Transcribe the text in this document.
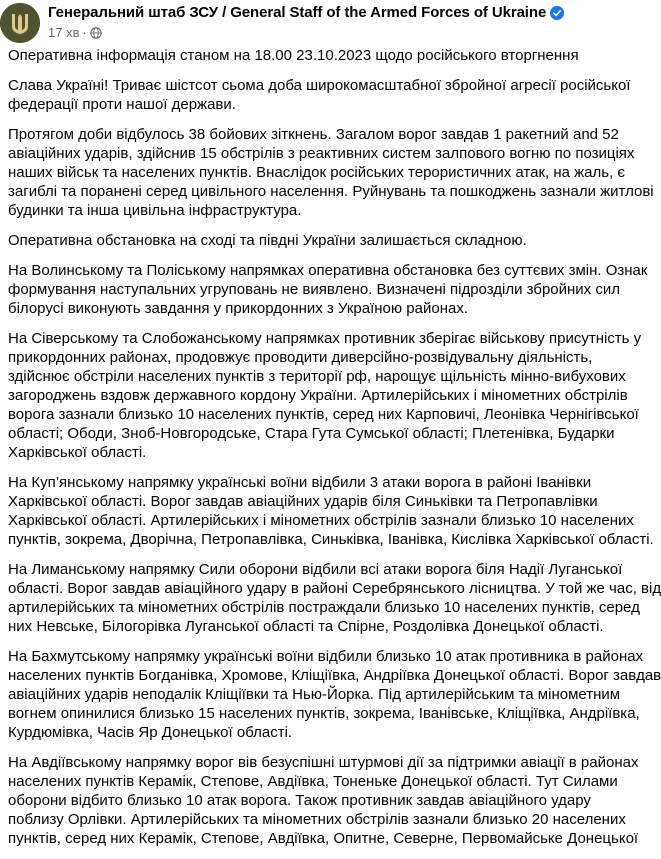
Генеральний штаб ЗСУ / General Staff of the Armed Forces of Ukraine
17 хв ·

Оперативна інформація станом на 18.00 23.10.2023 щодо російського вторгнення

Слава Україні! Триває шістсот сьома доба широкомасштабної збройної агресії російської
федерації проти нашої держави.

Протягом доби відбулось 38 бойових зіткнень. Загалом ворог завдав 1 ракетний and 52
авіаційних ударів, здійснив 15 обстрілів з реактивних систем залпового вогню по позиціях
наших військ та населених пунктів. Внаслідок російських терористичних атак, на жаль, є
загиблі та поранені серед цивільного населення. Руйнувань та пошкоджень зазнали житлові
будинки та інша цивільна інфраструктура.

Оперативна обстановка на сході та півдні України залишається складною.

На Волинському та Поліському напрямках оперативна обстановка без суттєвих змін. Ознак
формування наступальних угруповань не виявлено. Визначені підрозділи збройних сил
білорусі виконують завдання у прикордонних з Україною районах.

На Сіверському та Слобожанському напрямках противник зберігає військову присутність у
прикордонних районах, продовжує проводити диверсійно-розвідувальну діяльність,
здійснює обстріли населених пунктів з території рф, нарощує щільність мінно-вибухових
загороджень вздовж державного кордону України. Артилерійських і мінометних обстрілів
ворога зазнали близько 10 населених пунктів, серед них Карповичі, Леонівка Чернігівської
області; Ободи, Зноб-Новгородське, Стара Гута Сумської області; Плетенівка, Бударки
Харківської області.

На Куп’янському напрямку українські воїни відбили 3 атаки ворога в районі Іванівки
Харківської області. Ворог завдав авіаційних ударів біля Синьківки та Петропавлівки
Харківської області. Артилерійських і мінометних обстрілів зазнали близько 10 населених
пунктів, зокрема, Дворічна, Петропавлівка, Синьківка, Іванівка, Кислівка Харківської області.

На Лиманському напрямку Сили оборони відбили всі атаки ворога біля Надії Луганської
області. Ворог завдав авіаційного удару в районі Серебрянського лісництва. У той же час, від
артилерійських та мінометних обстрілів постраждали близько 10 населених пунктів, серед
них Невське, Білогорівка Луганської області та Спірне, Роздолівка Донецької області.

На Бахмутському напрямку українські воїни відбили близько 10 атак противника в районах
населених пунктів Богданівка, Хромове, Кліщіївка, Андріївка Донецької області. Ворог завдав
авіаційних ударів неподалік Кліщіївки та Нью-Йорка. Під артилерійським та мінометним
вогнем опинилися близько 15 населених пунктів, зокрема, Іванівське, Кліщіївка, Андріївка,
Курдюмівка, Часів Яр Донецької області.

На Авдіївському напрямку ворог вів безуспішні штурмові дії за підтримки авіації в районах
населених пунктів Керамік, Степове, Авдіївка, Тоненьке Донецької області. Тут Силами
оборони відбито близько 10 атак ворога. Також противник завдав авіаційного удару
поблизу Орлівки. Артилерійських та мінометних обстрілів зазнали близько 20 населених
пунктів, серед них Керамік, Степове, Авдіївка, Опитне, Северне, Первомайське Донецької
